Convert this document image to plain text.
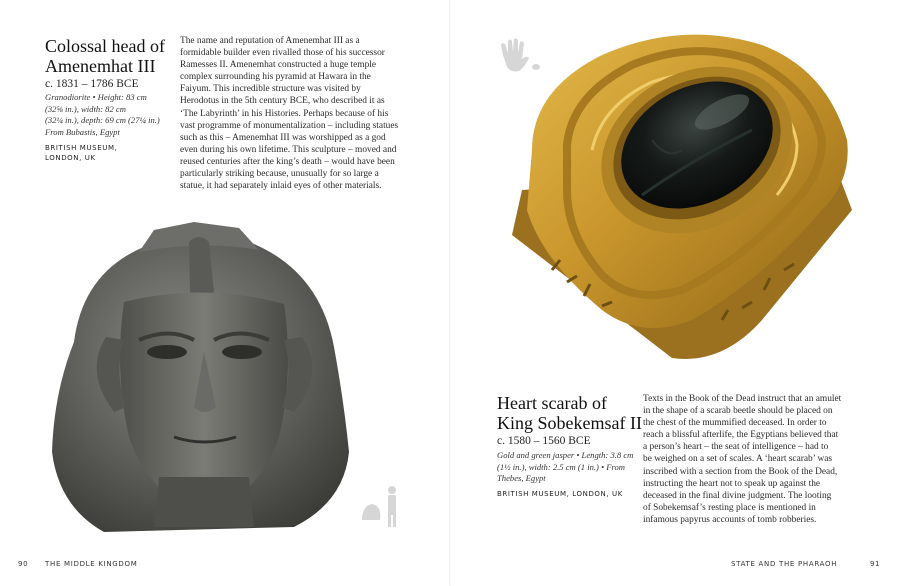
Colossal head of
Amenemhat III
c. 1831 – 1786 BCE
Granodiorite • Height: 83 cm
(32⅝ in.), width: 82 cm
(32¼ in.), depth: 69 cm (27¼ in.)
From Bubastis, Egypt
BRITISH MUSEUM,
LONDON, UK
The name and reputation of Amenemhat III as a
formidable builder even rivalled those of his successor
Ramesses II. Amenemhat constructed a huge temple
complex surrounding his pyramid at Hawara in the
Faiyum. This incredible structure was visited by
Herodotus in the 5th century BCE, who described it as
‘The Labyrinth’ in his Histories. Perhaps because of his
vast programme of monumentalization – including statues
such as this – Amenemhat III was worshipped as a god
even during his own lifetime. This sculpture – moved and
reused centuries after the king’s death – would have been
particularly striking because, unusually for so large a
statue, it had separately inlaid eyes of other materials.
90 THE MIDDLE KINGDOM
Heart scarab of
King Sobekemsaf II
c. 1580 – 1560 BCE
Gold and green jasper • Length: 3.8 cm
(1½ in.), width: 2.5 cm (1 in.) • From
Thebes, Egypt
BRITISH MUSEUM, LONDON, UK
Texts in the Book of the Dead instruct that an amulet
in the shape of a scarab beetle should be placed on
the chest of the mummified deceased. In order to
reach a blissful afterlife, the Egyptians believed that
a person’s heart – the seat of intelligence – had to
be weighed on a set of scales. A ‘heart scarab’ was
inscribed with a section from the Book of the Dead,
instructing the heart not to speak up against the
deceased in the final divine judgment. The looting
of Sobekemsaf’s resting place is mentioned in
infamous papyrus accounts of tomb robberies.
STATE AND THE PHARAOH	91
